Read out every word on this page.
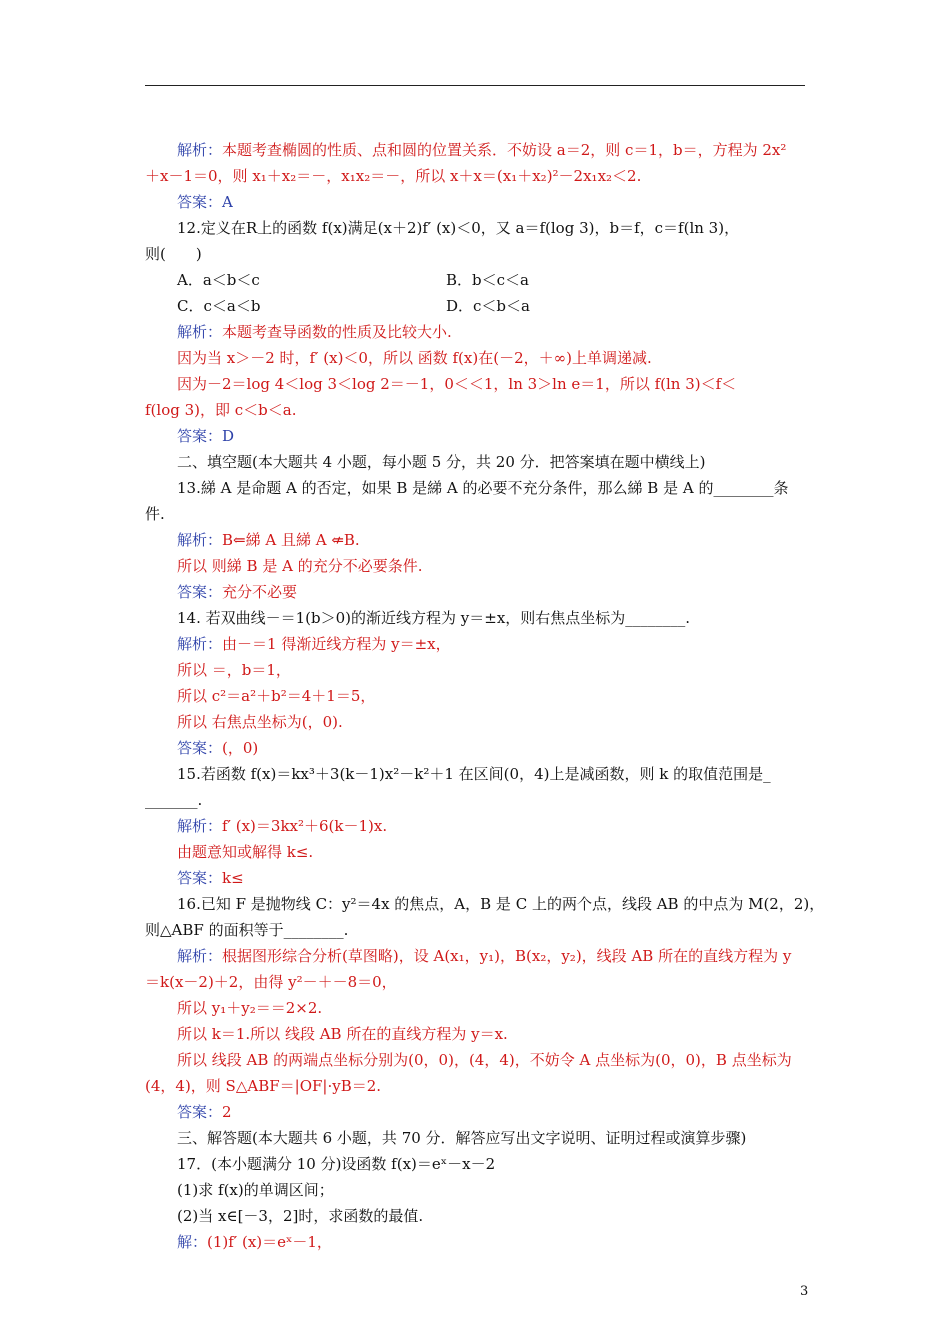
解析：本题考查椭圆的性质、点和圆的位置关系．不妨设 a＝2，则 c＝1，b＝，方程为 2x²
＋x－1＝0，则 x₁＋x₂＝－，x₁x₂＝－，所以 x＋x＝(x₁＋x₂)²－2x₁x₂＜2.
答案：A
12.定义在R上的函数 f(x)满足(x＋2)f′ (x)＜0，又 a＝f(log 3)，b＝f，c＝f(ln 3)，
则(　　)
A．a＜b＜c	B．b＜c＜a
C．c＜a＜b	D．c＜b＜a
解析：本题考查导函数的性质及比较大小.
因为当 x＞－2 时，f′ (x)＜0，所以 函数 f(x)在(－2，＋∞)上单调递减.
因为－2＝log 4＜log 3＜log 2＝－1，0＜＜1，ln 3＞ln e＝1，所以 f(ln 3)＜f＜
f(log 3)，即 c＜b＜a.
答案：D
二、填空题(本大题共 4 小题，每小题 5 分，共 20 分．把答案填在题中横线上)
13.綈 A 是命题 A 的否定，如果 B 是綈 A 的必要不充分条件，那么綈 B 是 A 的________条
件.
解析：B⇐綈 A 且綈 A ⇍B.
所以 则綈 B 是 A 的充分不必要条件.
答案：充分不必要
14. 若双曲线－＝1(b＞0)的渐近线方程为 y＝±x，则右焦点坐标为________.
解析：由－＝1 得渐近线方程为 y＝±x，
所以 ＝，b＝1，
所以 c²＝a²＋b²＝4＋1＝5，
所以 右焦点坐标为(，0).
答案：(，0)
15.若函数 f(x)＝kx³＋3(k－1)x²－k²＋1 在区间(0，4)上是减函数，则 k 的取值范围是_
_______.
解析：f′ (x)＝3kx²＋6(k－1)x.
由题意知或解得 k≤.
答案：k≤
16.已知 F 是抛物线 C：y²＝4x 的焦点，A，B 是 C 上的两个点，线段 AB 的中点为 M(2，2)，
则△ABF 的面积等于________.
解析：根据图形综合分析(草图略)，设 A(x₁，y₁)，B(x₂，y₂)，线段 AB 所在的直线方程为 y
＝k(x－2)＋2，由得 y²－＋－8＝0，
所以 y₁＋y₂＝＝2×2.
所以 k＝1.所以 线段 AB 所在的直线方程为 y＝x.
所以 线段 AB 的两端点坐标分别为(0，0)，(4，4)，不妨令 A 点坐标为(0，0)，B 点坐标为
(4，4)，则 S△ABF＝|OF|·yB＝2.
答案：2
三、解答题(本大题共 6 小题，共 70 分．解答应写出文字说明、证明过程或演算步骤)
17．(本小题满分 10 分)设函数 f(x)＝eˣ－x－2
(1)求 f(x)的单调区间；
(2)当 x∈[－3，2]时，求函数的最值.
解：(1)f′ (x)＝eˣ－1，
3
